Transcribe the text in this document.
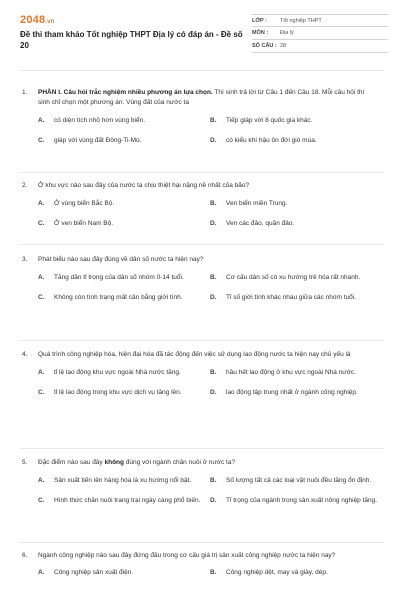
2048.vn
Đề thi tham khảo Tốt nghiệp THPT Địa lý có đáp án - Đề số 20
LỚP :	Tốt nghiệp THPT
MÔN :	Địa lý
SỐ CÂU : 28
1.	PHẦN I. Câu hỏi trắc nghiệm nhiều phương án lựa chọn. Thí sinh trả lời từ Câu 1 đến Câu 18. Mỗi câu hỏi thí sinh chỉ chọn một phương án. Vùng đất của nước ta
A.	có diện tích nhỏ hơn vùng biển.	B.	Tiếp giáp với 8 quốc gia khác.
C.	giáp với vùng đất Đông-Ti-Mo.	D.	có kiểu khí hậu ôn đới gió mùa.
2.	Ở khu vực nào sau đây của nước ta chịu thiệt hại nặng nề nhất của bão?
A.	Ở vùng biển Bắc Bộ.	B.	Ven biển miền Trung.
C.	Ở ven biển Nam Bộ.	D.	Ven các đảo, quần đảo.
3.	Phát biểu nào sau đây đúng về dân số nước ta hiện nay?
A.	Tăng dần tỉ trọng của dân số nhóm 0-14 tuổi.	B.	Cơ cấu dân số có xu hướng trẻ hóa rất nhanh.
C.	Không còn tình trạng mất cân bằng giới tính.	D.	Tỉ số giới tính khác nhau giữa các nhóm tuổi.
4.	Quá trình công nghiệp hóa, hiện đại hóa đã tác động đến việc sử dụng lao động nước ta hiện nay chủ yếu là
A.	tỉ lệ lao động khu vực ngoài Nhà nước tăng.	B.	hầu hết lao động ở khu vực ngoài Nhà nước.
C.	tỉ lệ lao động trong khu vực dịch vụ tăng lên.	D.	lao động tập trung nhất ở ngành công nghiệp.
5.	Đặc điểm nào sau đây không đúng với ngành chăn nuôi ở nước ta?
A.	Sản xuất tiến lên hàng hóa là xu hướng nổi bật.	B.	Số lượng tất cả các loại vật nuôi đều tăng ổn định.
C.	Hình thức chăn nuôi trang trại ngày càng phổ biến.	D.	Tỉ trọng của ngành trong sản xuất nông nghiệp tăng.
6.	Ngành công nghiệp nào sau đây đứng đầu trong cơ cấu giá trị sản xuất công nghiệp nước ta hiện nay?
A.	Công nghiệp sản xuất điện.	B.	Công nghiệp dệt, may và giày, dép.
